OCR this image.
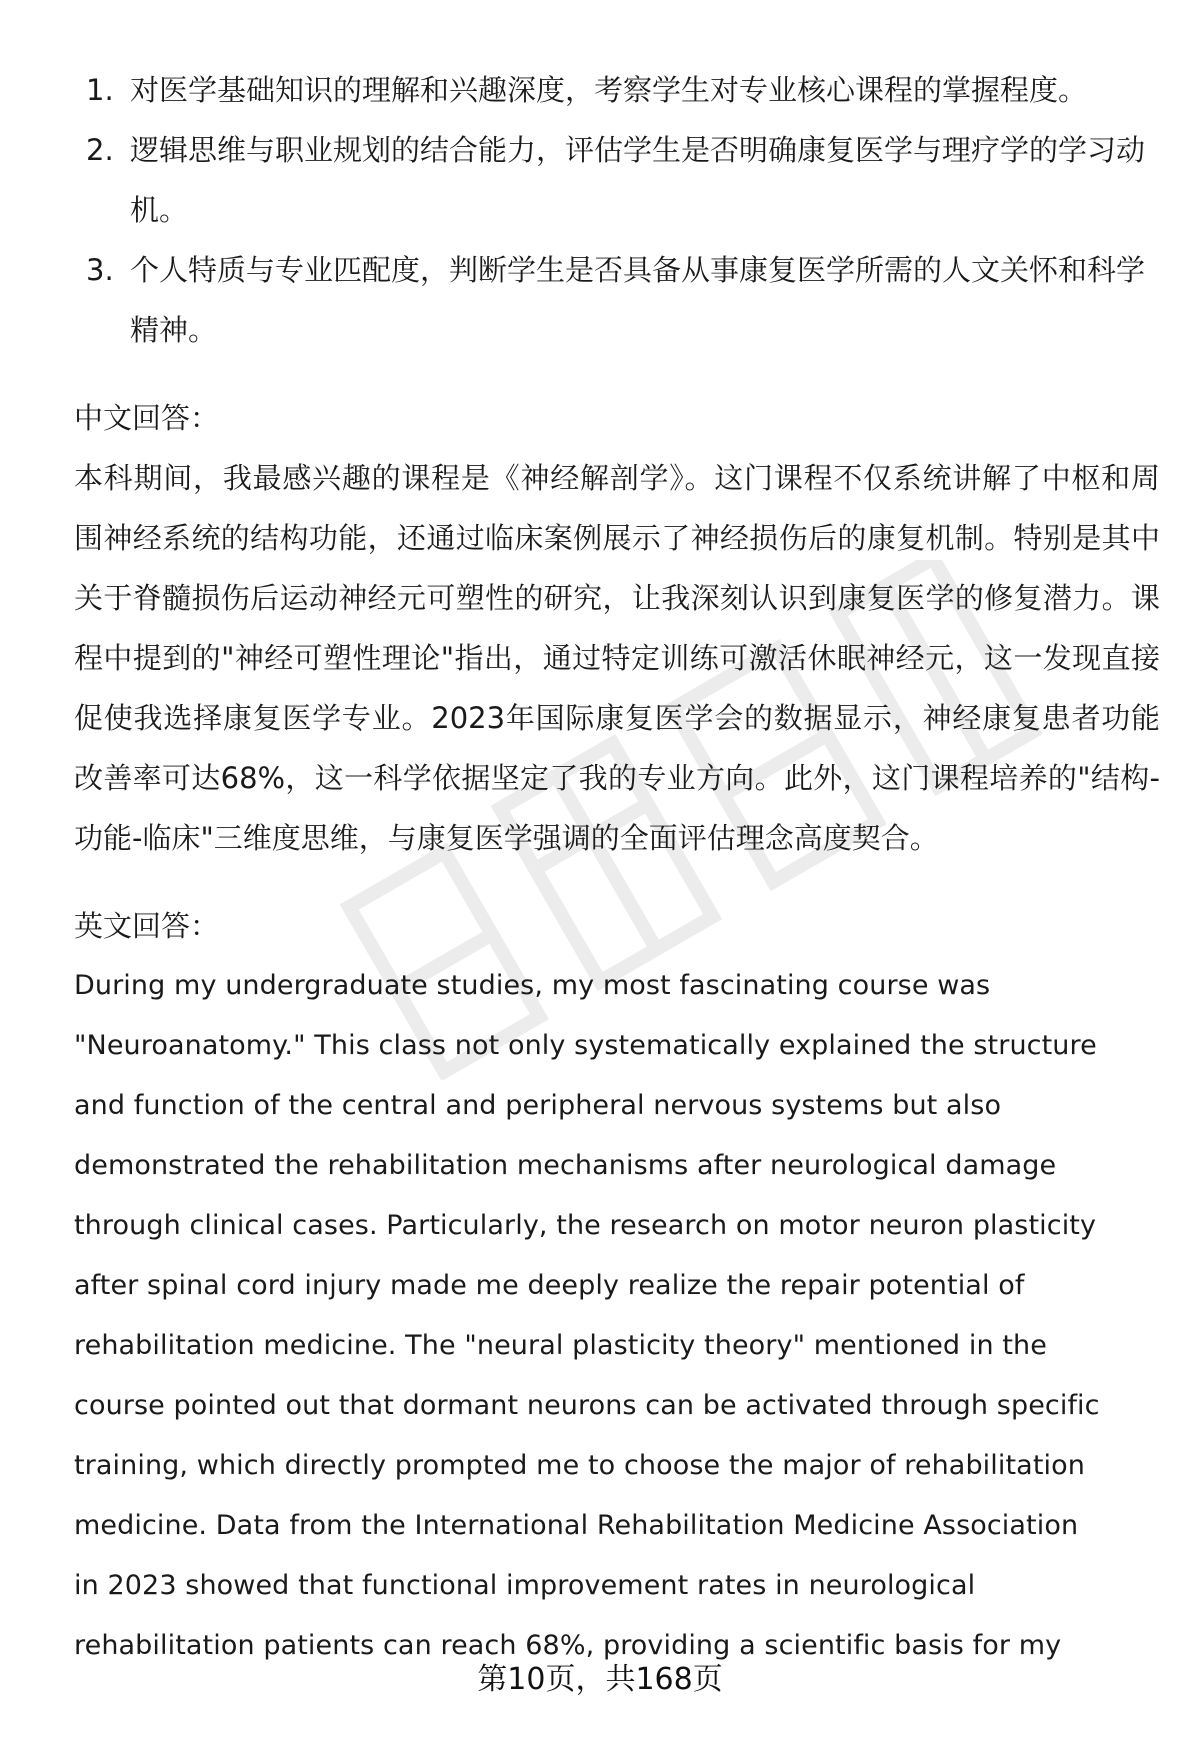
1. 对医学基础知识的理解和兴趣深度，考察学生对专业核心课程的掌握程度。
2. 逻辑思维与职业规划的结合能力，评估学生是否明确康复医学与理疗学的学习动机。
3. 个人特质与专业匹配度，判断学生是否具备从事康复医学所需的人文关怀和科学精神。
中文回答：

本科期间，我最感兴趣的课程是《神经解剖学》。这门课程不仅系统讲解了中枢和周围神经系统的结构功能，还通过临床案例展示了神经损伤后的康复机制。特别是其中关于脊髓损伤后运动神经元可塑性的研究，让我深刻认识到康复医学的修复潜力。课程中提到的"神经可塑性理论"指出，通过特定训练可激活休眠神经元，这一发现直接促使我选择康复医学专业。2023年国际康复医学会的数据显示，神经康复患者功能改善率可达68%，这一科学依据坚定了我的专业方向。此外，这门课程培养的"结构-功能-临床"三维度思维，与康复医学强调的全面评估理念高度契合。

英文回答：
During my undergraduate studies, my most fascinating course was
"Neuroanatomy." This class not only systematically explained the structure
and function of the central and peripheral nervous systems but also
demonstrated the rehabilitation mechanisms after neurological damage
through clinical cases. Particularly, the research on motor neuron plasticity
after spinal cord injury made me deeply realize the repair potential of
rehabilitation medicine. The "neural plasticity theory" mentioned in the
course pointed out that dormant neurons can be activated through specific
training, which directly prompted me to choose the major of rehabilitation
medicine. Data from the International Rehabilitation Medicine Association
in 2023 showed that functional improvement rates in neurological
rehabilitation patients can reach 68%, providing a scientific basis for my
第10页，共168页
